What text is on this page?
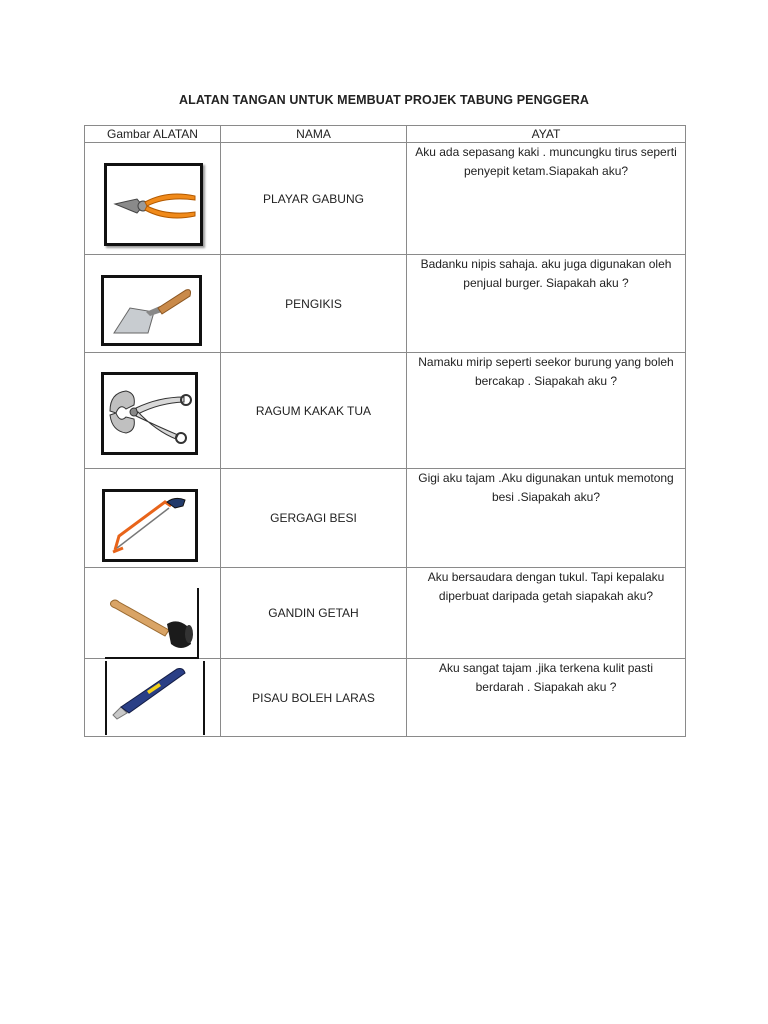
ALATAN TANGAN UNTUK MEMBUAT PROJEK TABUNG PENGGERA
Gambar ALATAN	NAMA	AYAT

	PLAYAR GABUNG	Aku ada sepasang kaki . muncungku tirus seperti penyepit ketam.Siapakah aku?

	PENGIKIS	Badanku nipis sahaja. aku juga digunakan oleh penjual burger. Siapakah aku ?

	RAGUM KAKAK TUA	Namaku mirip seperti seekor burung yang boleh bercakap . Siapakah aku ?

	GERGAGI BESI	Gigi aku tajam .Aku digunakan untuk memotong besi .Siapakah aku?

	GANDIN GETAH	Aku bersaudara dengan tukul. Tapi kepalaku diperbuat daripada getah siapakah aku?

	PISAU BOLEH LARAS	Aku sangat tajam .jika terkena kulit pasti berdarah . Siapakah aku ?
